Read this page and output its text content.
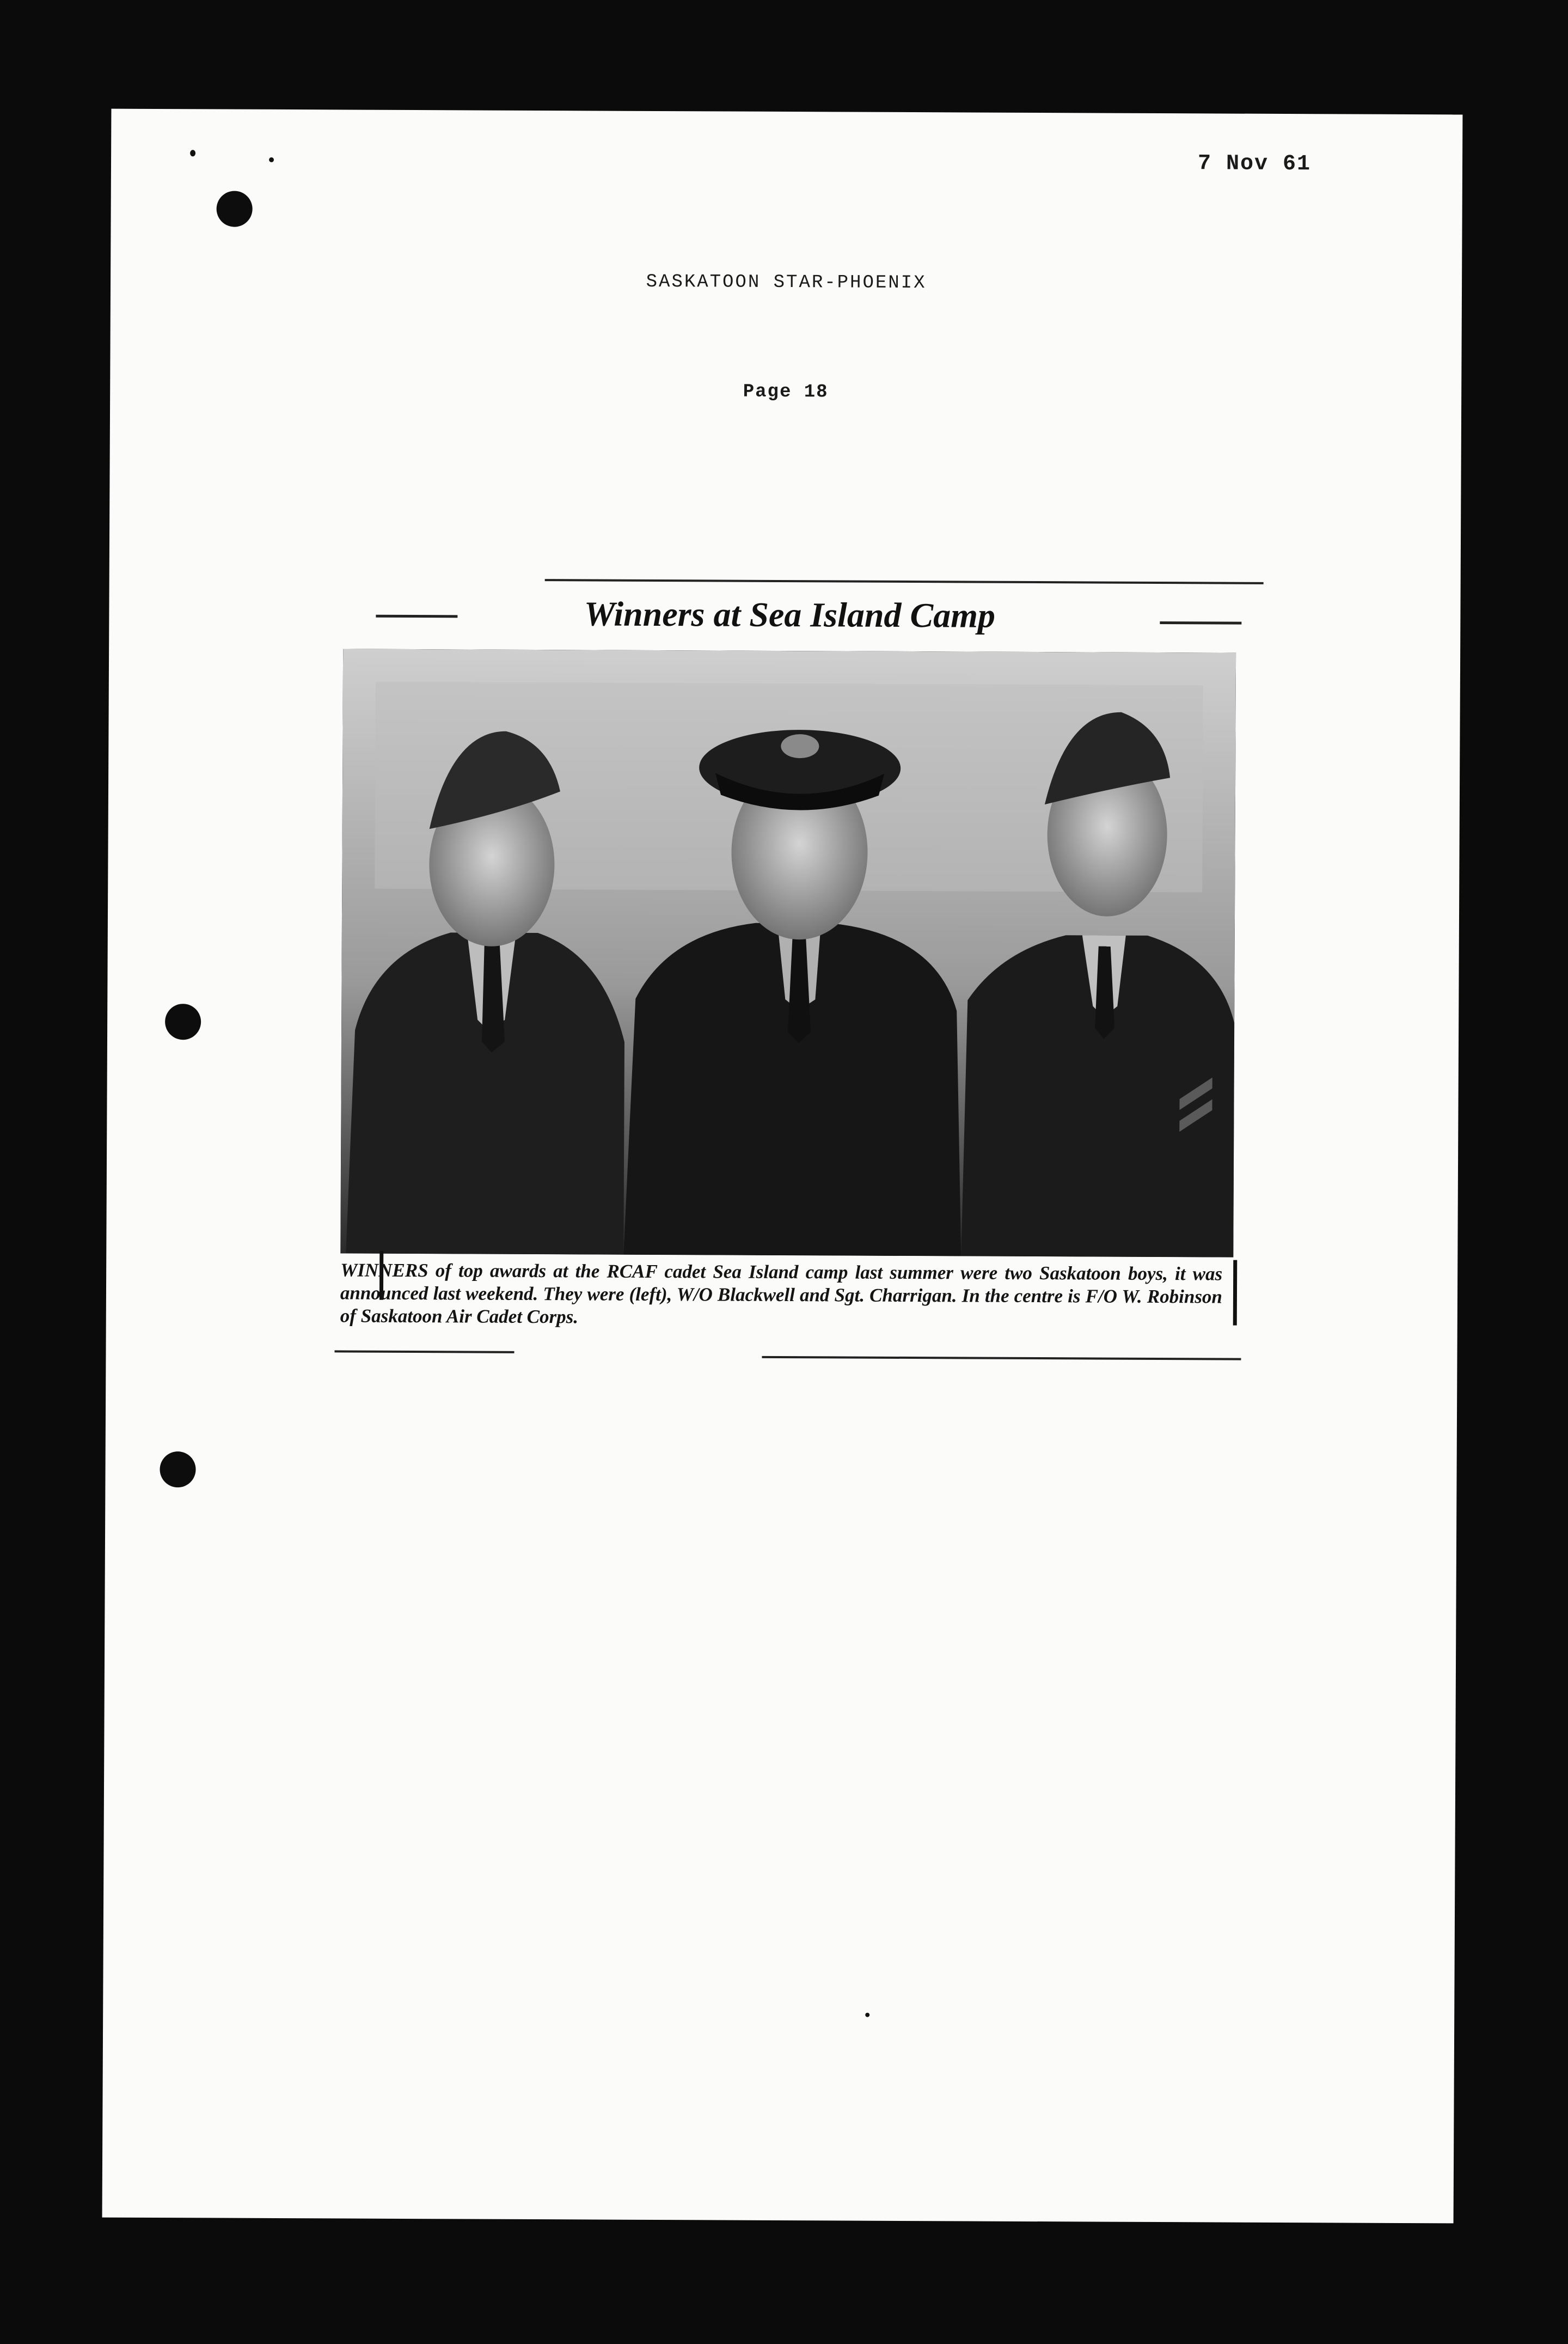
7 Nov 61
SASKATOON STAR-PHOENIX
Page 18
Winners at Sea Island Camp
WINNERS of top awards at the RCAF cadet Sea Island camp last summer were two Saskatoon boys, it was announced last weekend. They were (left), W/O Blackwell and Sgt. Charrigan. In the centre is F/O W. Robinson of Saskatoon Air Cadet Corps.
